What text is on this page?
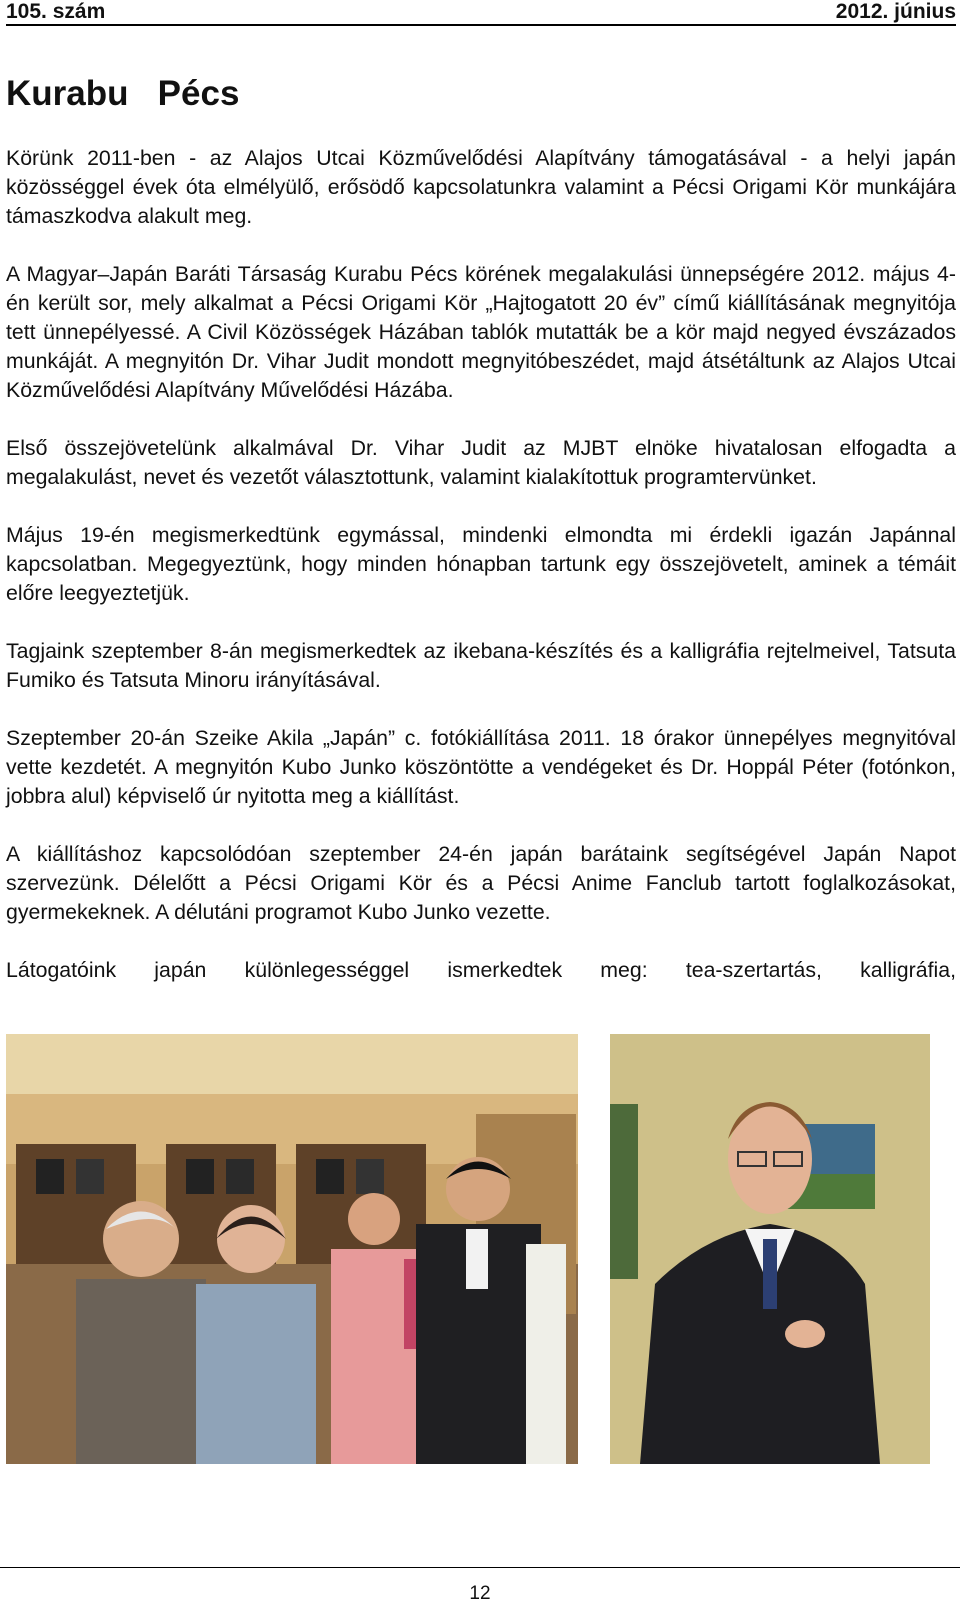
105. szám	2012. június
Kurabu   Pécs

Körünk 2011-ben - az Alajos Utcai Közművelődési Alapítvány támogatásával - a helyi japán közösséggel évek óta elmélyülő, erősödő kapcsolatunkra valamint a Pécsi Origami Kör munkájára támaszkodva alakult meg.

A Magyar–Japán Baráti Társaság Kurabu Pécs körének megalakulási ünnepségére 2012. május 4-én került sor, mely alkalmat a Pécsi Origami Kör „Hajtogatott 20 év” című kiállításának megnyitója tett ünnepélyessé. A Civil Közösségek Házában tablók mutatták be a kör majd negyed évszázados munkáját. A megnyitón Dr. Vihar Judit mondott megnyitóbeszédet, majd átsétáltunk az Alajos Utcai Közművelődési Alapítvány Művelődési Házába.

Első összejövetelünk alkalmával Dr. Vihar Judit az MJBT elnöke hivatalosan elfogadta a megalakulást, nevet és vezetőt választottunk, valamint kialakítottuk programtervünket.

Május 19-én megismerkedtünk egymással, mindenki elmondta mi érdekli igazán Japánnal kapcsolatban. Megegyeztünk, hogy minden hónapban tartunk egy összejövetelt, aminek a témáit előre leegyeztetjük.

Tagjaink szeptember 8-án megismerkedtek az ikebana-készítés és a kalligráfia rejtelmeivel, Tatsuta Fumiko és Tatsuta Minoru irányításával.

Szeptember 20-án Szeike Akila „Japán” c. fotókiállítása 2011. 18 órakor ünnepélyes megnyitóval vette kezdetét. A megnyitón Kubo Junko köszöntötte a vendégeket és Dr. Hoppál Péter (fotónkon, jobbra alul) képviselő úr nyitotta meg a kiállítást.

A kiállításhoz kapcsolódóan szeptember 24-én japán barátaink segítségével Japán Napot szervezünk. Délelőtt a Pécsi Origami Kör és a Pécsi Anime Fanclub tartott foglalkozásokat, gyermekeknek. A délutáni programot Kubo Junko vezette.

Látogatóink japán különlegességgel ismerkedtek meg: tea-szertartás, kalligráfia,

12
